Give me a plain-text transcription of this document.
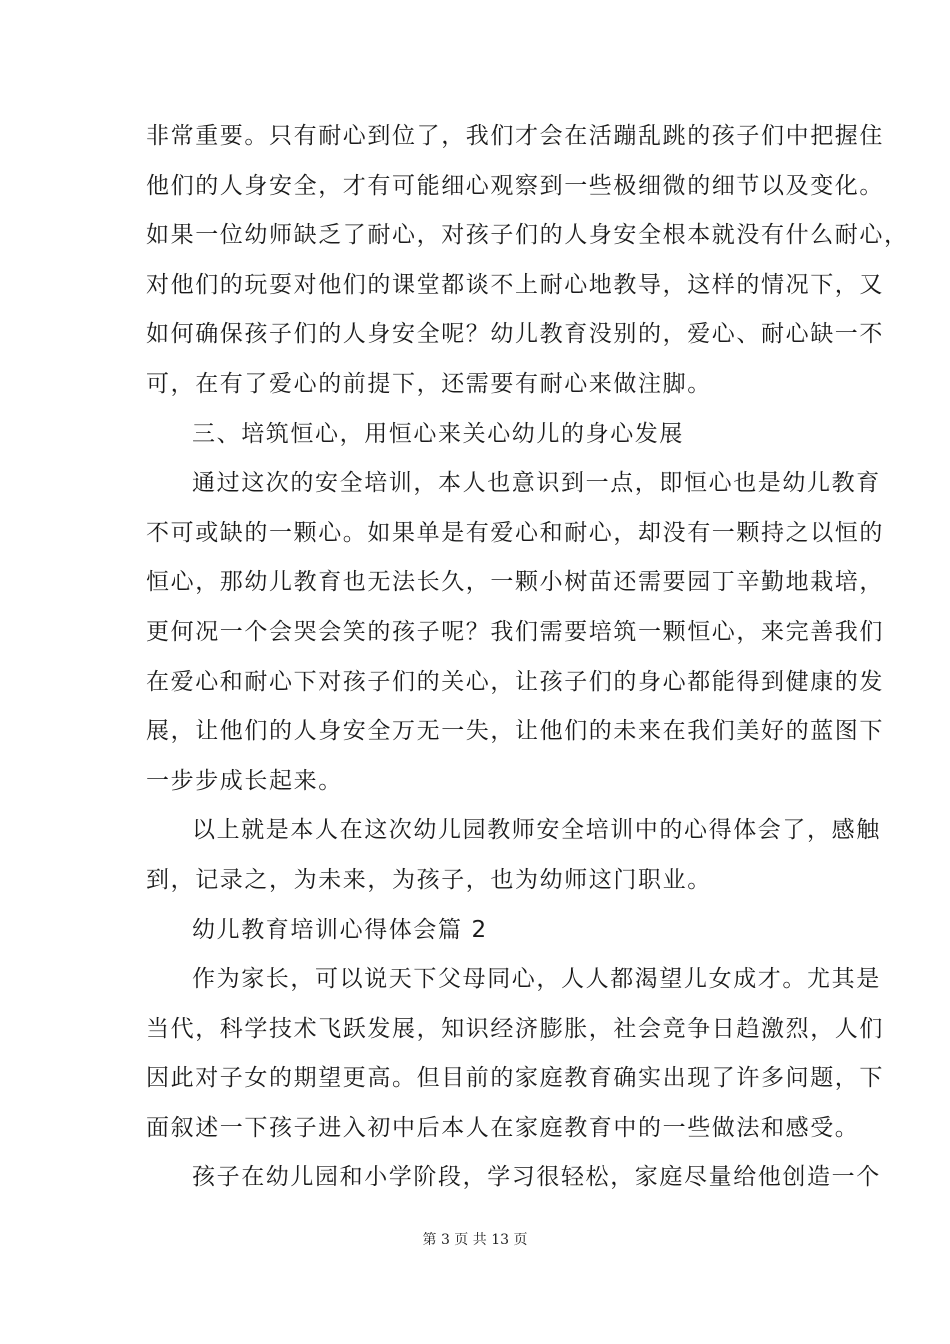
非常重要。只有耐心到位了，我们才会在活蹦乱跳的孩子们中把握住
他们的人身安全，才有可能细心观察到一些极细微的细节以及变化。
如果一位幼师缺乏了耐心，对孩子们的人身安全根本就没有什么耐心，
对他们的玩耍对他们的课堂都谈不上耐心地教导，这样的情况下，又
如何确保孩子们的人身安全呢？幼儿教育没别的，爱心、耐心缺一不
可，在有了爱心的前提下，还需要有耐心来做注脚。
三、培筑恒心，用恒心来关心幼儿的身心发展
通过这次的安全培训，本人也意识到一点，即恒心也是幼儿教育
不可或缺的一颗心。如果单是有爱心和耐心，却没有一颗持之以恒的
恒心，那幼儿教育也无法长久，一颗小树苗还需要园丁辛勤地栽培，
更何况一个会哭会笑的孩子呢？我们需要培筑一颗恒心，来完善我们
在爱心和耐心下对孩子们的关心，让孩子们的身心都能得到健康的发
展，让他们的人身安全万无一失，让他们的未来在我们美好的蓝图下
一步步成长起来。
以上就是本人在这次幼儿园教师安全培训中的心得体会了，感触
到，记录之，为未来，为孩子，也为幼师这门职业。
幼儿教育培训心得体会篇 2
作为家长，可以说天下父母同心，人人都渴望儿女成才。尤其是
当代，科学技术飞跃发展，知识经济膨胀，社会竞争日趋激烈，人们
因此对子女的期望更高。但目前的家庭教育确实出现了许多问题，下
面叙述一下孩子进入初中后本人在家庭教育中的一些做法和感受。
孩子在幼儿园和小学阶段，学习很轻松，家庭尽量给他创造一个
第 3 页 共 13 页
